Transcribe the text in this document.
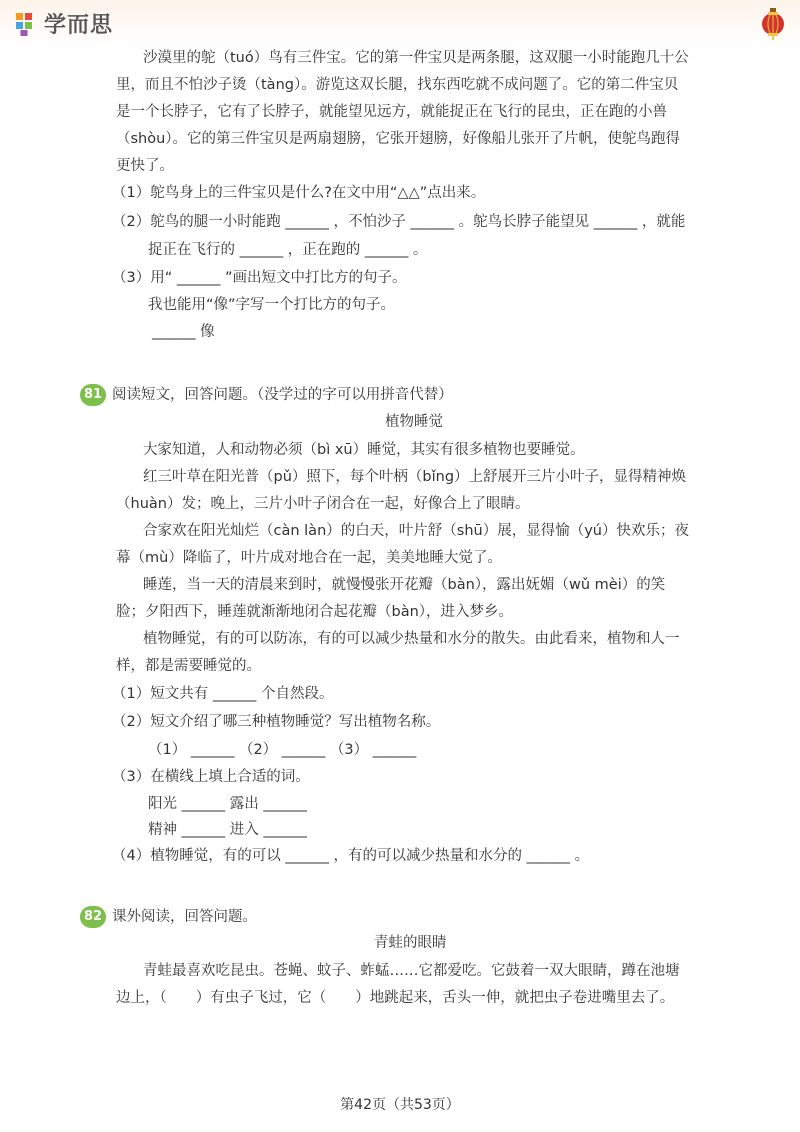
学而思
沙漠里的鸵（tuó）鸟有三件宝。它的第一件宝贝是两条腿，这双腿一小时能跑几十公
里，而且不怕沙子烫（tàng）。游览这双长腿，找东西吃就不成问题了。它的第二件宝贝
是一个长脖子，它有了长脖子，就能望见远方，就能捉正在飞行的昆虫，正在跑的小兽
（shòu）。它的第三件宝贝是两扇翅膀，它张开翅膀，好像船儿张开了片帆，使鸵鸟跑得
更快了。
（1）鸵鸟身上的三件宝贝是什么?在文中用“△△”点出来。
（2）鸵鸟的腿一小时能跑 ______ ，不怕沙子 ______ 。鸵鸟长脖子能望见 ______ ，就能
捉正在飞行的 ______ ，正在跑的 ______ 。
（3）用“ ______ ”画出短文中打比方的句子。
我也能用“像”字写一个打比方的句子。
______ 像
81 阅读短文，回答问题。（没学过的字可以用拼音代替）
植物睡觉
大家知道，人和动物必须（bì xū）睡觉，其实有很多植物也要睡觉。
红三叶草在阳光普（pǔ）照下，每个叶柄（bǐng）上舒展开三片小叶子，显得精神焕
（huàn）发；晚上，三片小叶子闭合在一起，好像合上了眼睛。
合家欢在阳光灿烂（càn làn）的白天，叶片舒（shū）展，显得愉（yú）快欢乐；夜
幕（mù）降临了，叶片成对地合在一起，美美地睡大觉了。
睡莲，当一天的清晨来到时，就慢慢张开花瓣（bàn），露出妩媚（wǔ mèi）的笑
脸；夕阳西下，睡莲就渐渐地闭合起花瓣（bàn），进入梦乡。
植物睡觉，有的可以防冻，有的可以减少热量和水分的散失。由此看来，植物和人一
样，都是需要睡觉的。
（1）短文共有 ______ 个自然段。
（2）短文介绍了哪三种植物睡觉？写出植物名称。
（1） ______ （2） ______ （3） ______
（3）在横线上填上合适的词。
阳光 ______ 露出 ______
精神 ______ 进入 ______
（4）植物睡觉，有的可以 ______ ，有的可以减少热量和水分的 ______ 。
82 课外阅读，回答问题。
青蛙的眼睛
青蛙最喜欢吃昆虫。苍蝇、蚊子、蚱蜢……它都爱吃。它鼓着一双大眼睛，蹲在池塘
边上，（　　）有虫子飞过，它（　　）地跳起来，舌头一伸，就把虫子卷进嘴里去了。
第42页（共53页）
